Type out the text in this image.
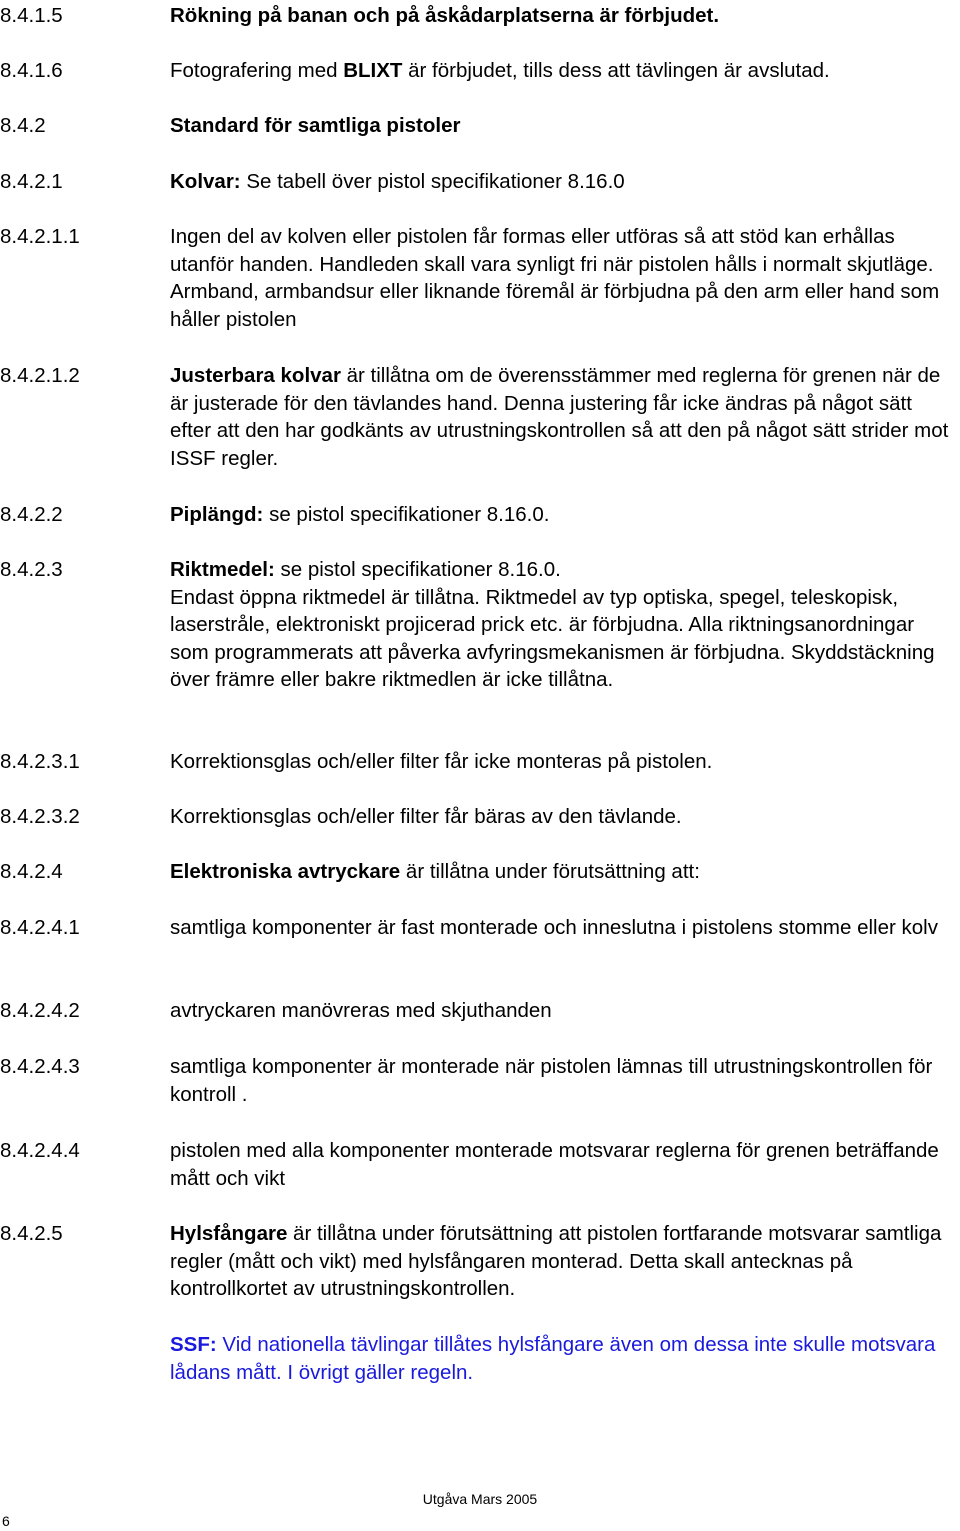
8.4.1.5	Rökning på banan och på åskådarplatserna är förbjudet.
8.4.1.6	Fotografering med BLIXT är förbjudet, tills dess att tävlingen är avslutad.
8.4.2	Standard för samtliga pistoler
8.4.2.1	Kolvar: Se tabell över pistol specifikationer 8.16.0
8.4.2.1.1	Ingen del av kolven eller pistolen får formas eller utföras så att stöd kan erhållas utanför handen. Handleden skall vara synligt fri när pistolen hålls i normalt skjutläge. Armband, armbandsur eller liknande föremål är förbjudna på den arm eller hand som håller pistolen
8.4.2.1.2	Justerbara kolvar är tillåtna om de överensstämmer med reglerna för grenen när de är justerade för den tävlandes hand. Denna justering får icke ändras på något sätt efter att den har godkänts av utrustningskontrollen så att den på något sätt strider mot ISSF regler.
8.4.2.2	Piplängd: se pistol specifikationer 8.16.0.
8.4.2.3	Riktmedel: se pistol specifikationer 8.16.0.
Endast öppna riktmedel är tillåtna. Riktmedel av typ optiska, spegel, teleskopisk, laserstråle, elektroniskt projicerad prick etc. är förbjudna. Alla riktningsanordningar som programmerats att påverka avfyringsmekanismen är förbjudna. Skyddstäckning över främre eller bakre riktmedlen är icke tillåtna.
8.4.2.3.1	Korrektionsglas och/eller filter får icke monteras på pistolen.
8.4.2.3.2	Korrektionsglas och/eller filter får bäras av den tävlande.
8.4.2.4	Elektroniska avtryckare är tillåtna under förutsättning att:
8.4.2.4.1	samtliga komponenter är fast monterade och inneslutna i pistolens stomme eller kolv
8.4.2.4.2	avtryckaren manövreras med skjuthanden
8.4.2.4.3	samtliga komponenter är monterade när pistolen lämnas till utrustningskontrollen för kontroll .
8.4.2.4.4	pistolen med alla komponenter monterade motsvarar reglerna för grenen beträffande mått och vikt
8.4.2.5	Hylsfångare är tillåtna under förutsättning att pistolen fortfarande motsvarar samtliga regler (mått och vikt) med hylsfångaren monterad. Detta skall antecknas på kontrollkortet av utrustningskontrollen.
SSF: Vid nationella tävlingar tillåtes hylsfångare även om dessa inte skulle motsvara lådans mått. I övrigt gäller regeln.
Utgåva Mars 2005
6
